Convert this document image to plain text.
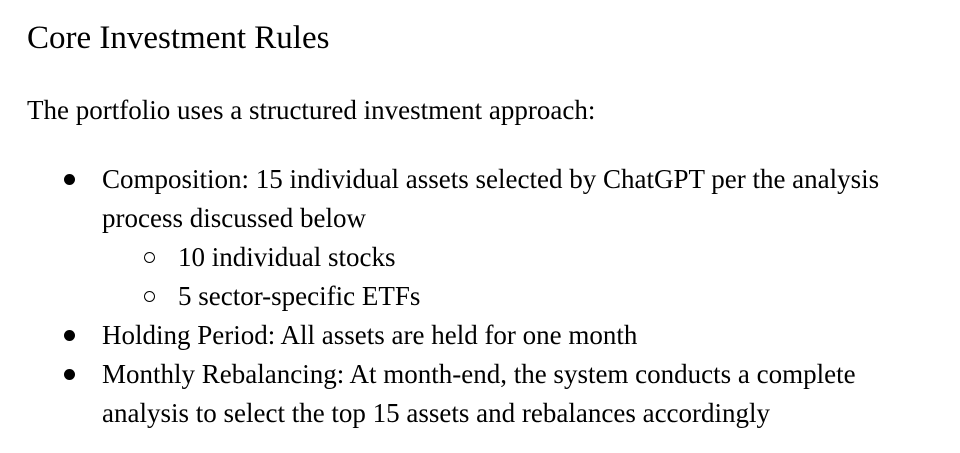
Core Investment Rules

The portfolio uses a structured investment approach:

Composition: 15 individual assets selected by ChatGPT per the analysis
process discussed below
10 individual stocks
5 sector-specific ETFs
Holding Period: All assets are held for one month
Monthly Rebalancing: At month-end, the system conducts a complete
analysis to select the top 15 assets and rebalances accordingly
